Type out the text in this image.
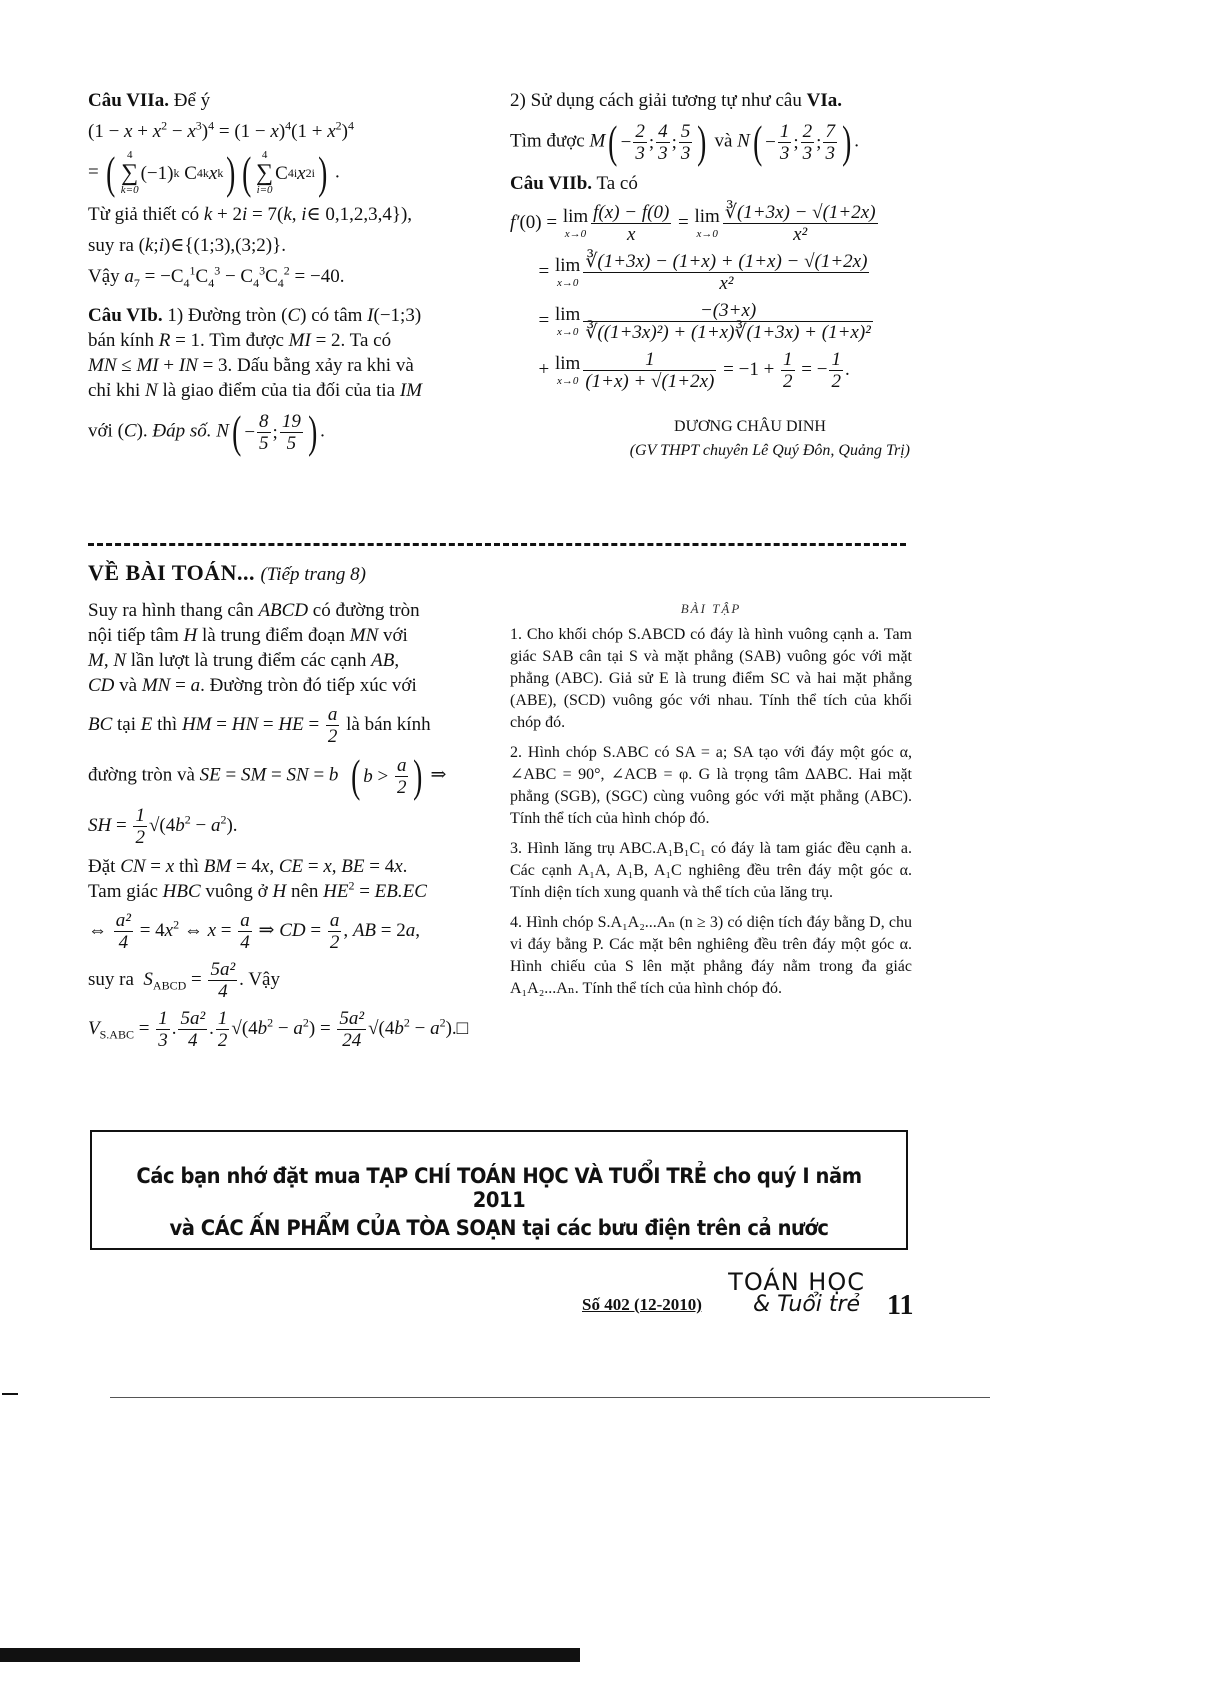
Câu VIIa. Để ý
$(1 - x + x^2 - x^3)^4 = (1 - x)^4(1 + x^2)^4$
= (	4
∑
k=0
(−1) k C 4 k x k ) ( 4
∑
i=0
C 4 i x 2i ) .
Từ giả thiết có k + 2i = 7(k, i∈ 0,1,2,3,4}),
suy ra (k;i)∈{(1;3),(3;2)}.
Vậy $a_7 = -C_4^1C_4^3 - C_4^3C_4^2 = -40$.
Câu VIb. 1) Đường tròn (C) có tâm I(−1;3)
bán kính R = 1. Tìm được MI = 2. Ta có
MN ≤ MI + IN = 3. Dấu bằng xảy ra khi và
chỉ khi N là giao điểm của tia đối của tia IM
với (C). Đáp số. N ( − $\frac{8}{5}$ ; $\frac{19}{5}$ ) .
2) Sử dụng cách giải tương tự như câu VIa.
Tìm được M ( − $\frac{2}{3}$ ; $\frac{4}{3}$ ; $\frac{5}{3}$ ) và N ( − $\frac{1}{3}$ ; $\frac{2}{3}$ ; $\frac{7}{3}$ ) .
Câu VIIb. Ta có
f′(0) = lim
$x\to 0 \frac{f(x) - f(0)}{x} = \lim$
$x\to 0 \frac{∛(1+3x) - √(1+2x)}{\text{x²}}$
= lim
$x\to 0 \frac{∛(1+3x) - (1+x) + (1+x) - √(1+2x)}{\text{x²}}$
= lim
$x\to 0 \frac{-(3+x)}{\text{∛((1+3x)²) + (1+x)∛(1+3x) + (1+x)²}}$
+ lim
$x\to 0 \frac{1}{(1+x) + √(1+2x)} = -1 + \frac{1}{2}$ = − $\frac{1}{2}$ .
DƯƠNG CHÂU DINH
(GV THPT chuyên Lê Quý Đôn, Quảng Trị)
VỀ BÀI TOÁN... (Tiếp trang 8)
Suy ra hình thang cân ABCD có đường tròn
nội tiếp tâm H là trung điểm đoạn MN với
M, N lần lượt là trung điểm các cạnh AB,
CD và MN = a. Đường tròn đó tiếp xúc với
BC tại E thì HM = HN = HE = $\frac{a}{2}$ là bán kính
đường tròn và SE = SM = SN = b ( $b > \frac{a}{2}$ ) ⇒
SH = $\frac{1}{2} √(4b^2 - a^2)$.
Đặt CN = x thì BM = 4x, CE = x, BE = 4x.
Tam giác HBC vuông ở H nên $HE^2 = EB.EC$
⇔ $\frac{\text{a²}}{4} = 4x^2$ ⇔ $x = \frac{a}{4}$ ⇒ CD = $\frac{a}{2}$ , AB = 2a,
suy ra  $S_{ABCD} = \frac{\text{5a²}}{4}$ . Vậy
$V_{S.ABC} = \frac{1}{3}$ . $\frac{\text{5a²}}{4}$ . $\frac{1}{2} √(4b^2 - a^2) = \frac{\text{5a²}}{24} √(4b^2$ − $a^2).□$
BÀI TẬP

1. Cho khối chóp S.ABCD có đáy là hình vuông cạnh a. Tam giác SAB cân tại S và mặt phẳng (SAB) vuông góc với mặt phẳng (ABC). Giả sử E là trung điểm SC và hai mặt phẳng (ABE), (SCD) vuông góc với nhau. Tính thể tích của khối chóp đó.

2. Hình chóp S.ABC có SA = a; SA tạo với đáy một góc α, ∠ABC = 90°, ∠ACB = φ. G là trọng tâm ΔABC. Hai mặt phẳng (SGB), (SGC) cùng vuông góc với mặt phẳng (ABC). Tính thể tích của hình chóp đó.

3. Hình lăng trụ ABC.A₁B₁C₁ có đáy là tam giác đều cạnh a. Các cạnh A₁A, A₁B, A₁C nghiêng đều trên đáy một góc α. Tính diện tích xung quanh và thể tích của lăng trụ.

4. Hình chóp S.A₁A₂...Aₙ (n ≥ 3) có diện tích đáy bằng D, chu vi đáy bằng P. Các mặt bên nghiêng đều trên đáy một góc α. Hình chiếu của S lên mặt phẳng đáy nằm trong đa giác A₁A₂...Aₙ. Tính thể tích của hình chóp đó.

Các bạn nhớ đặt mua TẠP CHÍ TOÁN HỌC VÀ TUỔI TRẺ cho quý I năm 2011
và CÁC ẤN PHẨM CỦA TÒA SOẠN tại các bưu điện trên cả nước
TOÁN HỌC
& Tuổi trẻ
Số 402 (12-2010)	11
